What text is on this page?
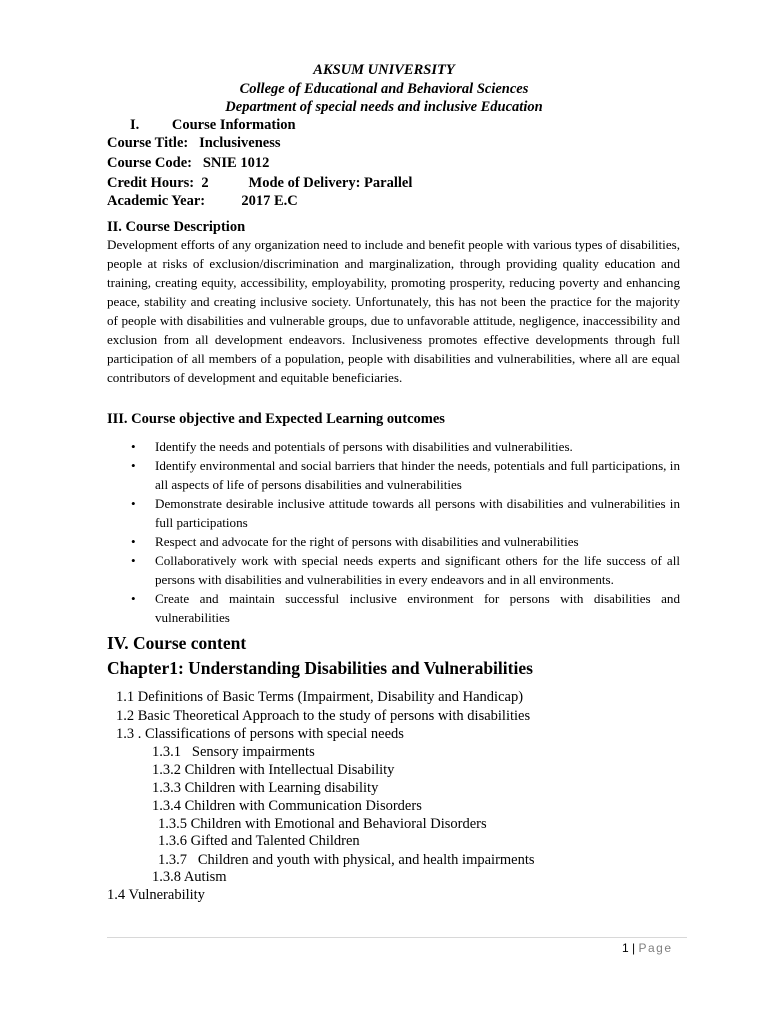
AKSUM UNIVERSITY
College of Educational and Behavioral Sciences
Department of special needs and inclusive Education
I.         Course Information
Course Title:   Inclusiveness
Course Code:   SNIE 1012
Credit Hours:  2           Mode of Delivery: Parallel
Academic Year:          2017 E.C
II. Course Description
Development efforts of any organization need to include and benefit people with various types of disabilities, people at risks of exclusion/discrimination and marginalization, through providing quality education and training, creating equity, accessibility, employability, promoting prosperity, reducing poverty and enhancing peace, stability and creating inclusive society. Unfortunately, this has not been the practice for the majority of people with disabilities and vulnerable groups, due to unfavorable attitude, negligence, inaccessibility and exclusion from all development endeavors. Inclusiveness promotes effective developments through full participation of all members of a population, people with disabilities and vulnerabilities, where all are equal contributors of development and equitable beneficiaries.
III. Course objective and Expected Learning outcomes
• Identify the needs and potentials of persons with disabilities and vulnerabilities.
• Identify environmental and social barriers that hinder the needs, potentials and full participations, in all aspects of life of persons disabilities and vulnerabilities
• Demonstrate desirable inclusive attitude towards all persons with disabilities and vulnerabilities in full participations
• Respect and advocate for the right of persons with disabilities and vulnerabilities
• Collaboratively work with special needs experts and significant others for the life success of all persons with disabilities and vulnerabilities in every endeavors and in all environments.
• Create and maintain successful inclusive environment for persons with disabilities and vulnerabilities
IV. Course content
Chapter1: Understanding Disabilities and Vulnerabilities
1.1 Definitions of Basic Terms (Impairment, Disability and Handicap)
1.2 Basic Theoretical Approach to the study of persons with disabilities
1.3 . Classifications of persons with special needs
1.3.1   Sensory impairments
1.3.2 Children with Intellectual Disability
1.3.3 Children with Learning disability
1.3.4 Children with Communication Disorders
1.3.5 Children with Emotional and Behavioral Disorders
1.3.6 Gifted and Talented Children
1.3.7   Children and youth with physical, and health impairments
1.3.8 Autism
1.4 Vulnerability
1 | Page
